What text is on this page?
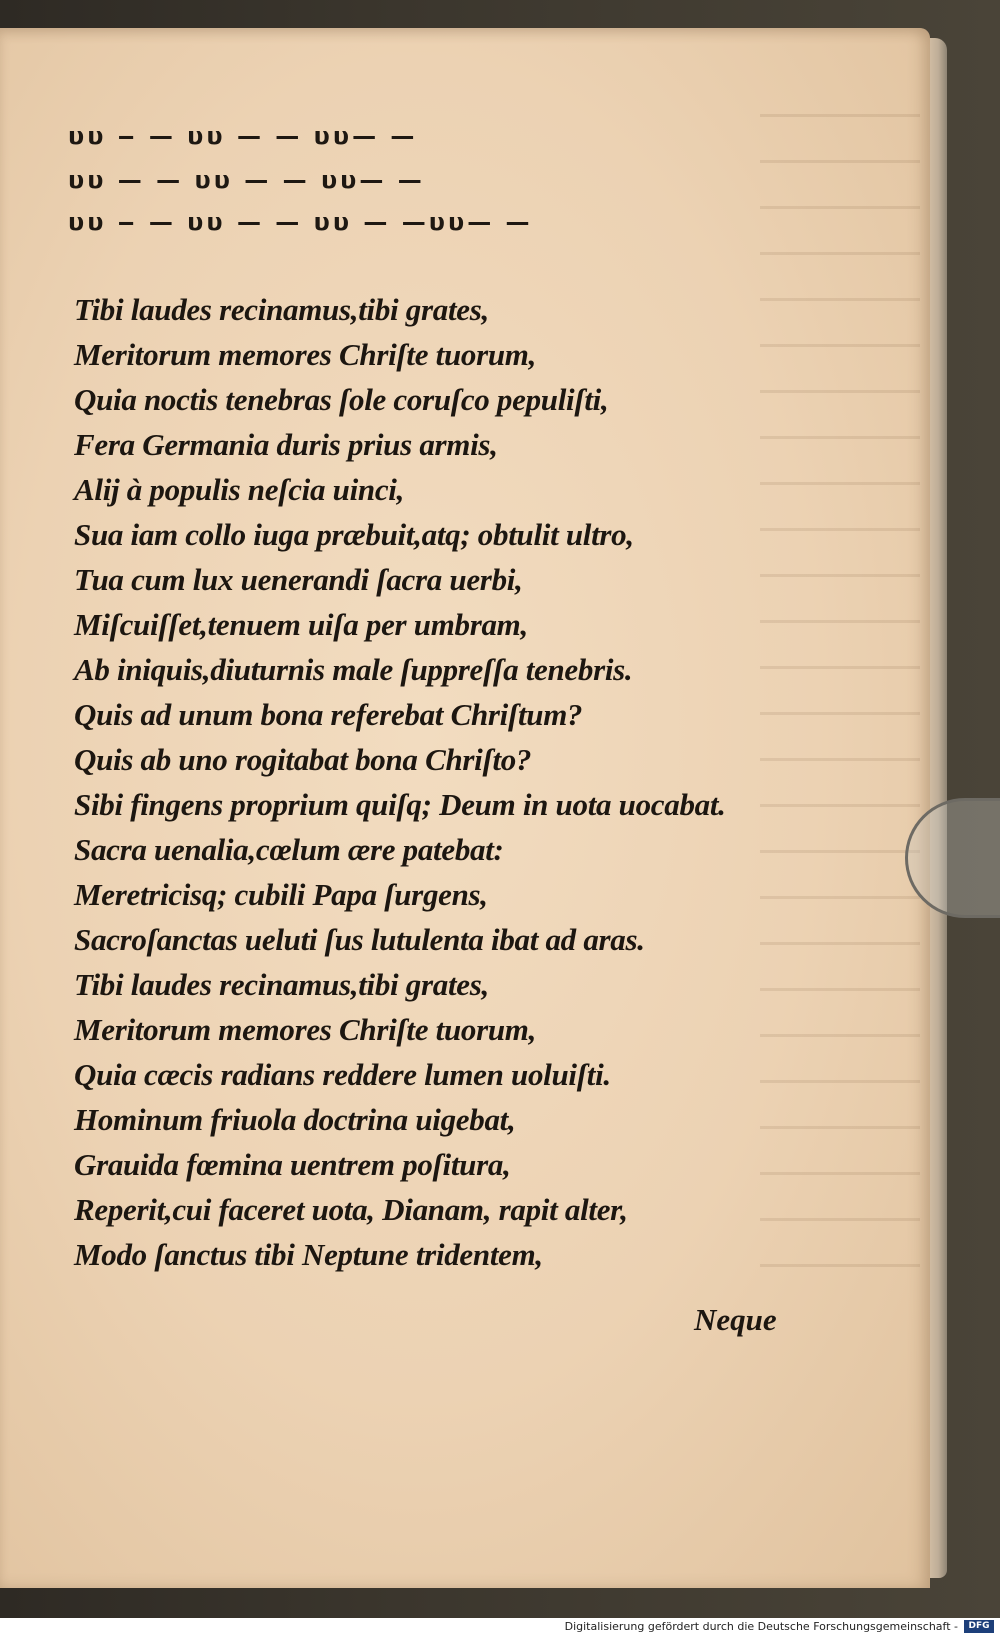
υυ ‒ — υυ — — υυ— —
υυ — — υυ — — υυ— —
υυ ‒ — υυ — — υυ — —υυ— —
Tibi laudes recinamus,tibi grates,
Meritorum memores Chriſte tuorum,
Quia noctis tenebras ſole coruſco pepuliſti,
Fera Germania duris prius armis,
Alij à populis neſcia uinci,
Sua iam collo iuga præbuit,atq; obtulit ultro,
Tua cum lux uenerandi ſacra uerbi,
Miſcuiſſet,tenuem uiſa per umbram,
Ab iniquis,diuturnis male ſuppreſſa tenebris.
Quis ad unum bona referebat Chriſtum?
Quis ab uno rogitabat bona Chriſto?
Sibi fingens proprium quiſq; Deum in uota uocabat.
Sacra uenalia,cœlum ære patebat:
Meretricisq; cubili Papa ſurgens,
Sacroſanctas ueluti ſus lutulenta ibat ad aras.
Tibi laudes recinamus,tibi grates,
Meritorum memores Chriſte tuorum,
Quia cæcis radians reddere lumen uoluiſti.
Hominum friuola doctrina uigebat,
Grauida fœmina uentrem poſitura,
Reperit,cui faceret uota, Dianam, rapit alter,
Modo ſanctus tibi Neptune tridentem,
Neque
Digitalisierung gefördert durch die Deutsche Forschungsgemeinschaft -	DFG
